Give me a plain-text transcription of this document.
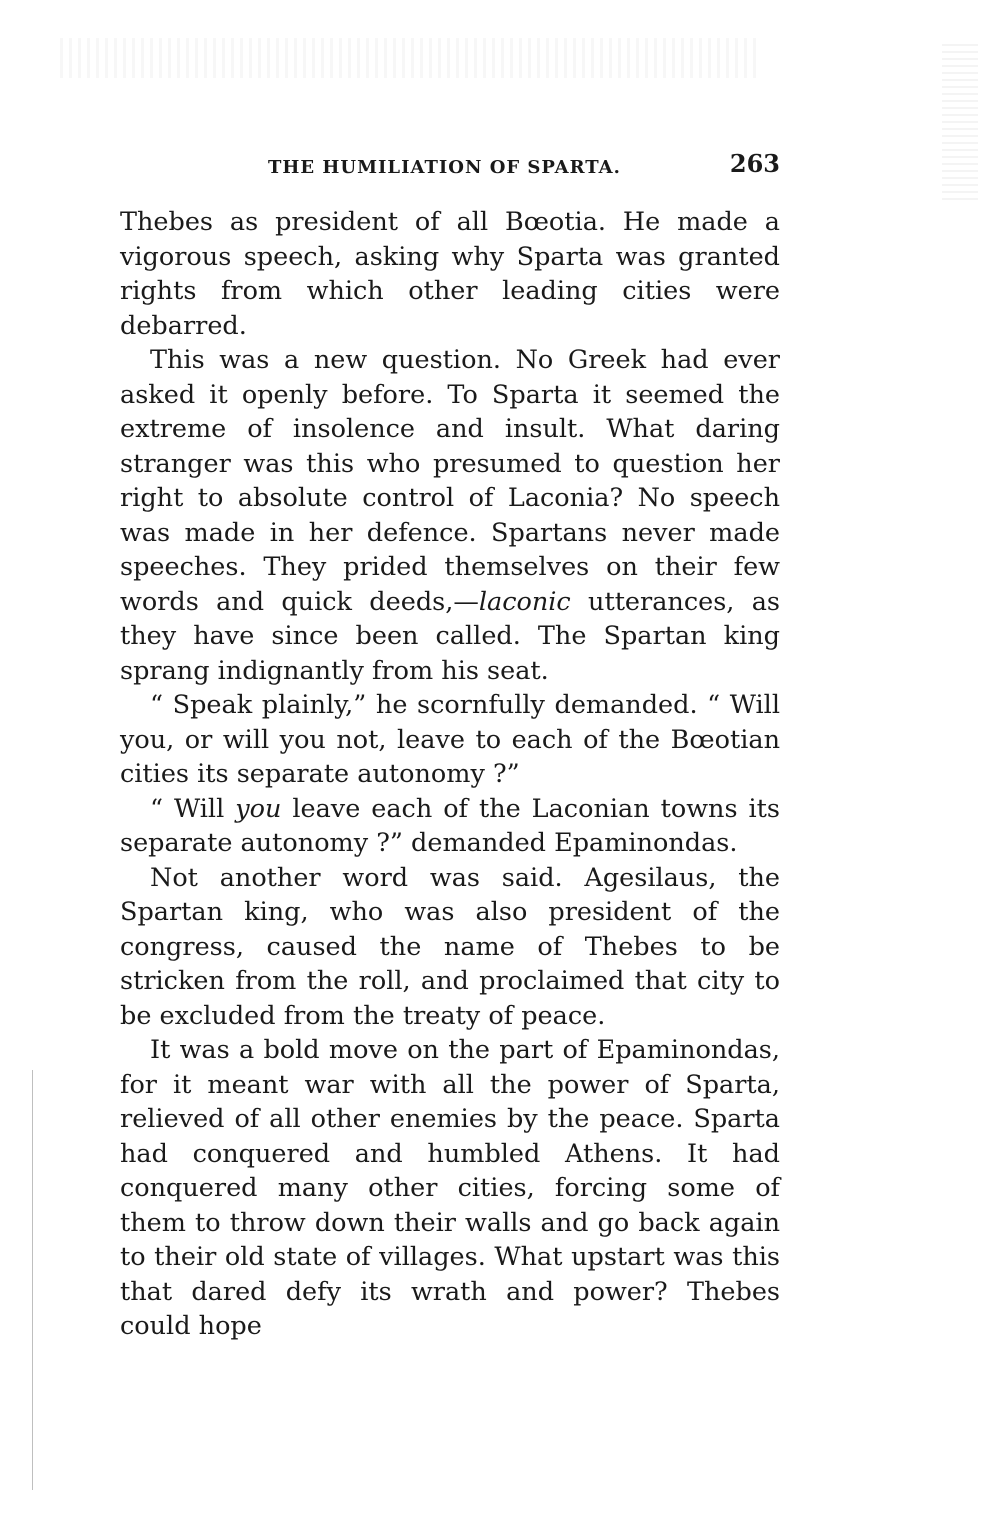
THE HUMILIATION OF SPARTA.	263

Thebes as president of all Bœotia. He made a vigorous speech, asking why Sparta was granted rights from which other leading cities were debarred.

This was a new question. No Greek had ever asked it openly before. To Sparta it seemed the extreme of insolence and insult. What daring stranger was this who presumed to question her right to absolute control of Laconia? No speech was made in her defence. Spartans never made speeches. They prided themselves on their few words and quick deeds,—laconic utterances, as they have since been called. The Spartan king sprang indignantly from his seat.

“ Speak plainly,” he scornfully demanded. “ Will you, or will you not, leave to each of the Bœotian cities its separate autonomy ?”

“ Will you leave each of the Laconian towns its separate autonomy ?” demanded Epaminondas.

Not another word was said. Agesilaus, the Spartan king, who was also president of the congress, caused the name of Thebes to be stricken from the roll, and proclaimed that city to be excluded from the treaty of peace.

It was a bold move on the part of Epaminondas, for it meant war with all the power of Sparta, relieved of all other enemies by the peace. Sparta had conquered and humbled Athens. It had conquered many other cities, forcing some of them to throw down their walls and go back again to their old state of villages. What upstart was this that dared defy its wrath and power? Thebes could hope
